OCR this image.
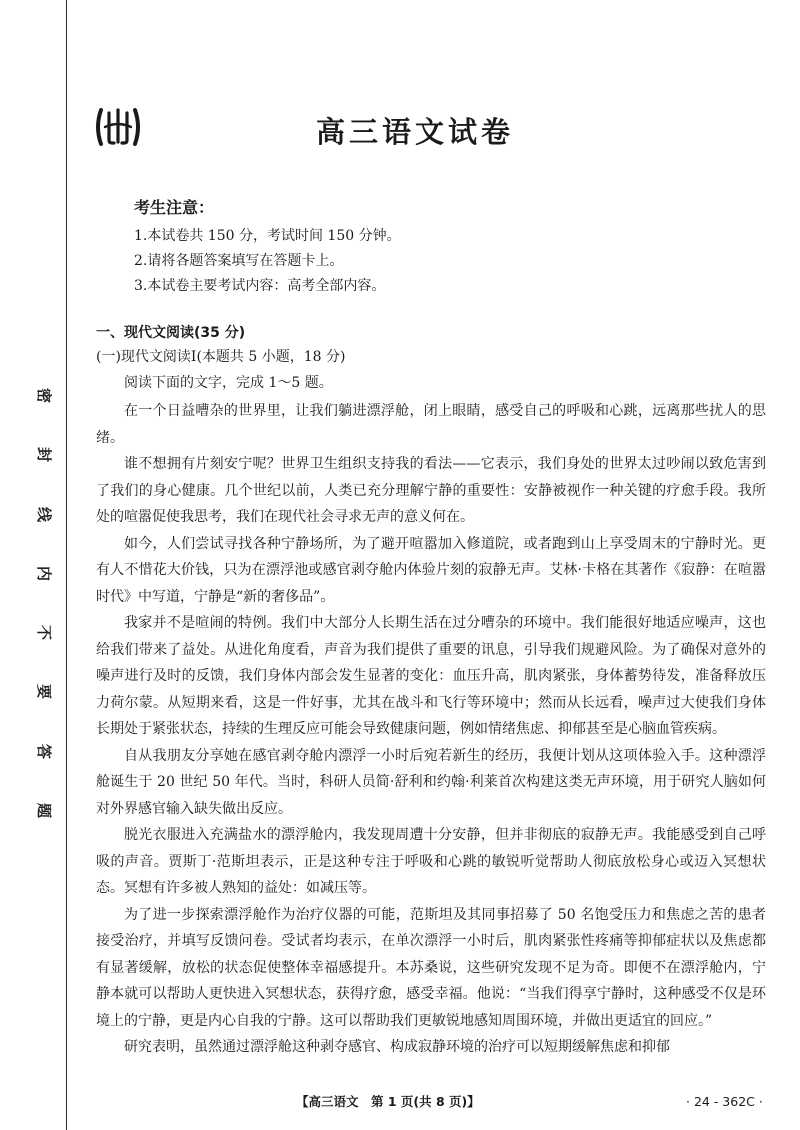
密
封
线
内
不
要
答
题
高三语文试卷

考生注意：

1.本试卷共 150 分，考试时间 150 分钟。

2.请将各题答案填写在答题卡上。

3.本试卷主要考试内容：高考全部内容。

一、现代文阅读(35 分)

(一)现代文阅读Ⅰ(本题共 5 小题，18 分)

阅读下面的文字，完成 1～5 题。

在一个日益嘈杂的世界里，让我们躺进漂浮舱，闭上眼睛，感受自己的呼吸和心跳，远离那些扰人的思绪。

谁不想拥有片刻安宁呢？世界卫生组织支持我的看法——它表示，我们身处的世界太过吵闹以致危害到了我们的身心健康。几个世纪以前，人类已充分理解宁静的重要性：安静被视作一种关键的疗愈手段。我所处的喧嚣促使我思考，我们在现代社会寻求无声的意义何在。

如今，人们尝试寻找各种宁静场所，为了避开喧嚣加入修道院，或者跑到山上享受周末的宁静时光。更有人不惜花大价钱，只为在漂浮池或感官剥夺舱内体验片刻的寂静无声。艾林·卡格在其著作《寂静：在喧嚣时代》中写道，宁静是“新的奢侈品”。

我家并不是喧闹的特例。我们中大部分人长期生活在过分嘈杂的环境中。我们能很好地适应噪声，这也给我们带来了益处。从进化角度看，声音为我们提供了重要的讯息，引导我们规避风险。为了确保对意外的噪声进行及时的反馈，我们身体内部会发生显著的变化：血压升高，肌肉紧张，身体蓄势待发，准备释放压力荷尔蒙。从短期来看，这是一件好事，尤其在战斗和飞行等环境中；然而从长远看，噪声过大使我们身体长期处于紧张状态，持续的生理反应可能会导致健康问题，例如情绪焦虑、抑郁甚至是心脑血管疾病。

自从我朋友分享她在感官剥夺舱内漂浮一小时后宛若新生的经历，我便计划从这项体验入手。这种漂浮舱诞生于 20 世纪 50 年代。当时，科研人员简·舒利和约翰·利莱首次构建这类无声环境，用于研究人脑如何对外界感官输入缺失做出反应。

脱光衣服进入充满盐水的漂浮舱内，我发现周遭十分安静，但并非彻底的寂静无声。我能感受到自己呼吸的声音。贾斯丁·范斯坦表示，正是这种专注于呼吸和心跳的敏锐听觉帮助人彻底放松身心或迈入冥想状态。冥想有许多被人熟知的益处：如减压等。

为了进一步探索漂浮舱作为治疗仪器的可能，范斯坦及其同事招募了 50 名饱受压力和焦虑之苦的患者接受治疗，并填写反馈问卷。受试者均表示，在单次漂浮一小时后，肌肉紧张性疼痛等抑郁症状以及焦虑都有显著缓解，放松的状态促使整体幸福感提升。本苏桑说，这些研究发现不足为奇。即便不在漂浮舱内，宁静本就可以帮助人更快进入冥想状态，获得疗愈，感受幸福。他说：“当我们得享宁静时，这种感受不仅是环境上的宁静，更是内心自我的宁静。这可以帮助我们更敏锐地感知周围环境，并做出更适宜的回应。”

研究表明，虽然通过漂浮舱这种剥夺感官、构成寂静环境的治疗可以短期缓解焦虑和抑郁

【高三语文　第 1 页(共 8 页)】	· 24 - 362C ·
